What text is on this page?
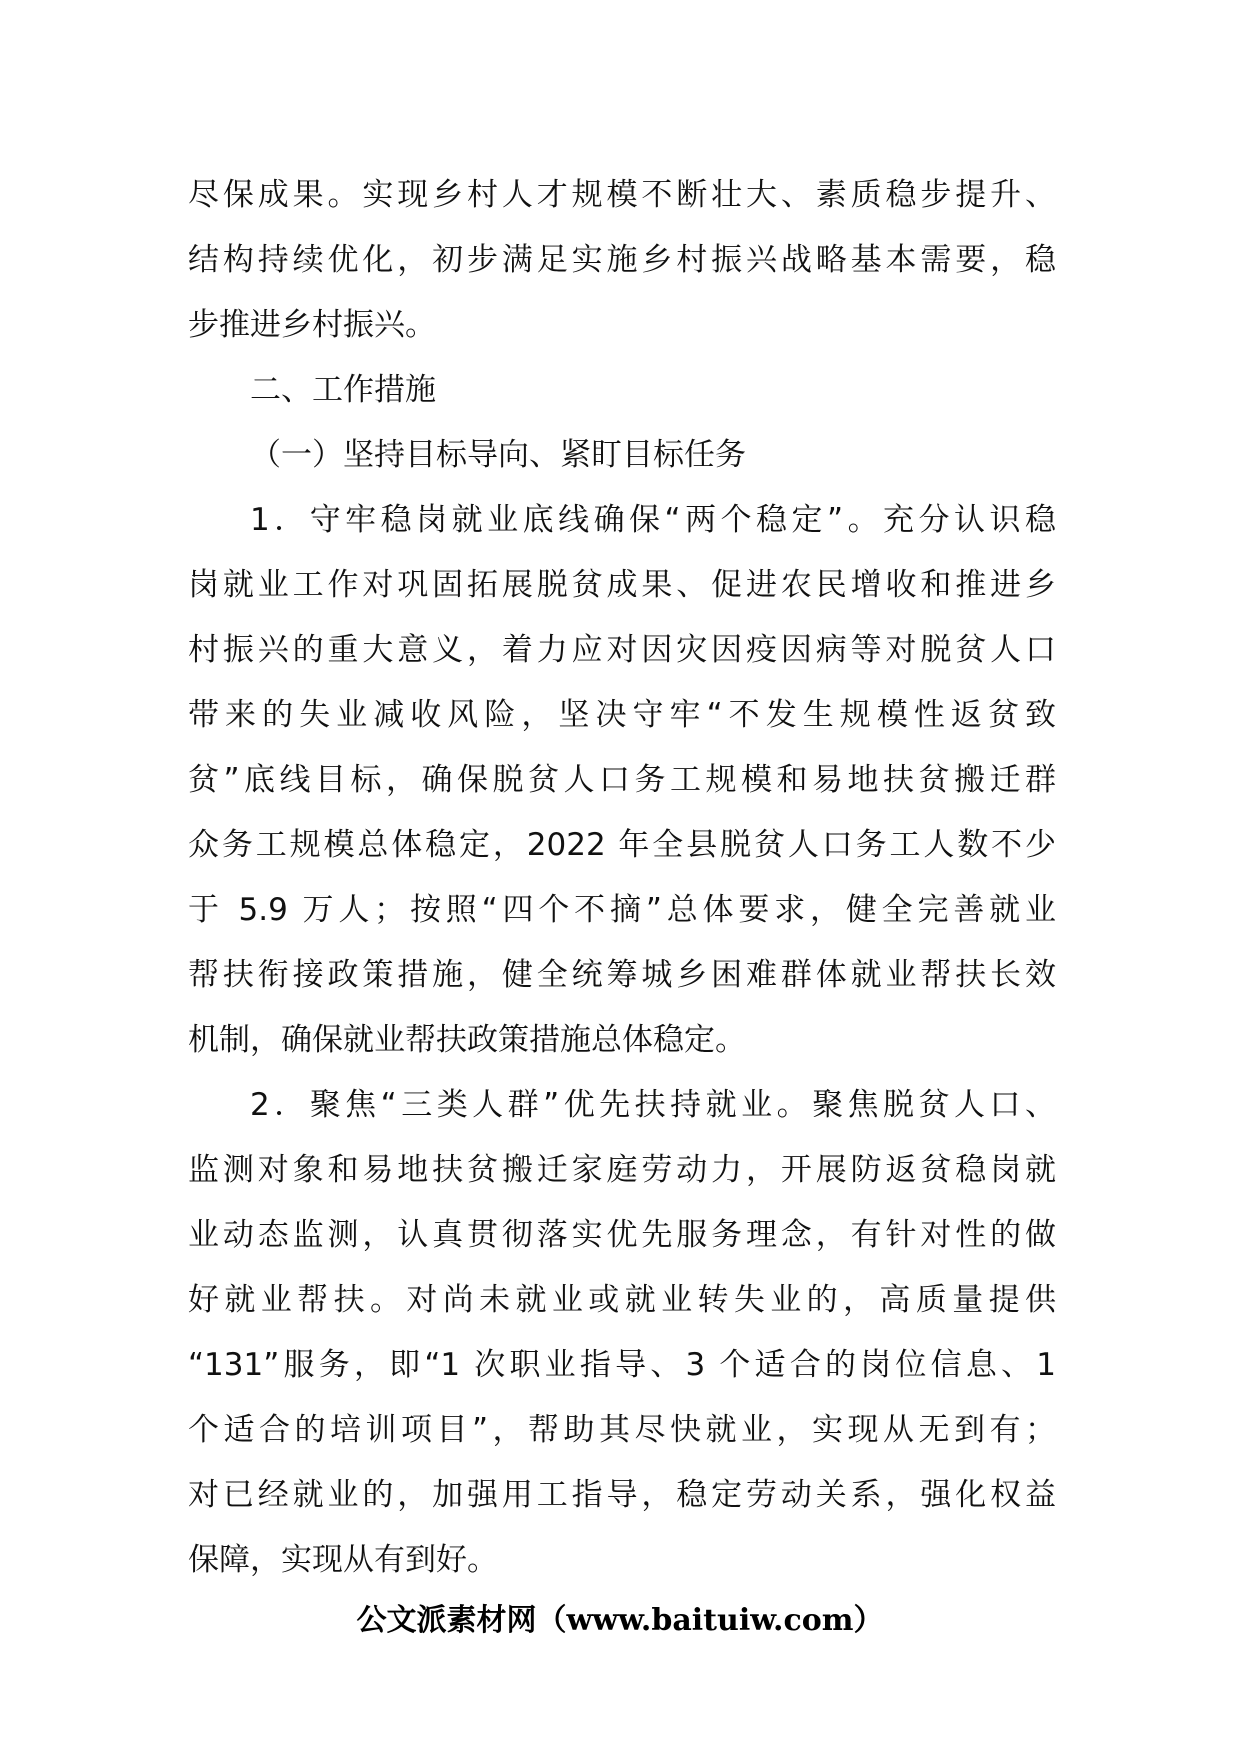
尽保成果。实现乡村人才规模不断壮大、素质稳步提升、
结构持续优化，初步满足实施乡村振兴战略基本需要，稳
步推进乡村振兴。
二、工作措施
（一）坚持目标导向、紧盯目标任务
1．守牢稳岗就业底线确保“两个稳定”。充分认识稳
岗就业工作对巩固拓展脱贫成果、促进农民增收和推进乡
村振兴的重大意义，着力应对因灾因疫因病等对脱贫人口
带来的失业减收风险，坚决守牢“不发生规模性返贫致
贫”底线目标，确保脱贫人口务工规模和易地扶贫搬迁群
众务工规模总体稳定，2022 年全县脱贫人口务工人数不少
于 5.9 万人；按照“四个不摘”总体要求，健全完善就业
帮扶衔接政策措施，健全统筹城乡困难群体就业帮扶长效
机制，确保就业帮扶政策措施总体稳定。
2．聚焦“三类人群”优先扶持就业。聚焦脱贫人口、
监测对象和易地扶贫搬迁家庭劳动力，开展防返贫稳岗就
业动态监测，认真贯彻落实优先服务理念，有针对性的做
好就业帮扶。对尚未就业或就业转失业的，高质量提供
“131”服务，即“1 次职业指导、3 个适合的岗位信息、1
个适合的培训项目”，帮助其尽快就业，实现从无到有；
对已经就业的，加强用工指导，稳定劳动关系，强化权益
保障，实现从有到好。
公文派素材网（www.baituiw.com）
